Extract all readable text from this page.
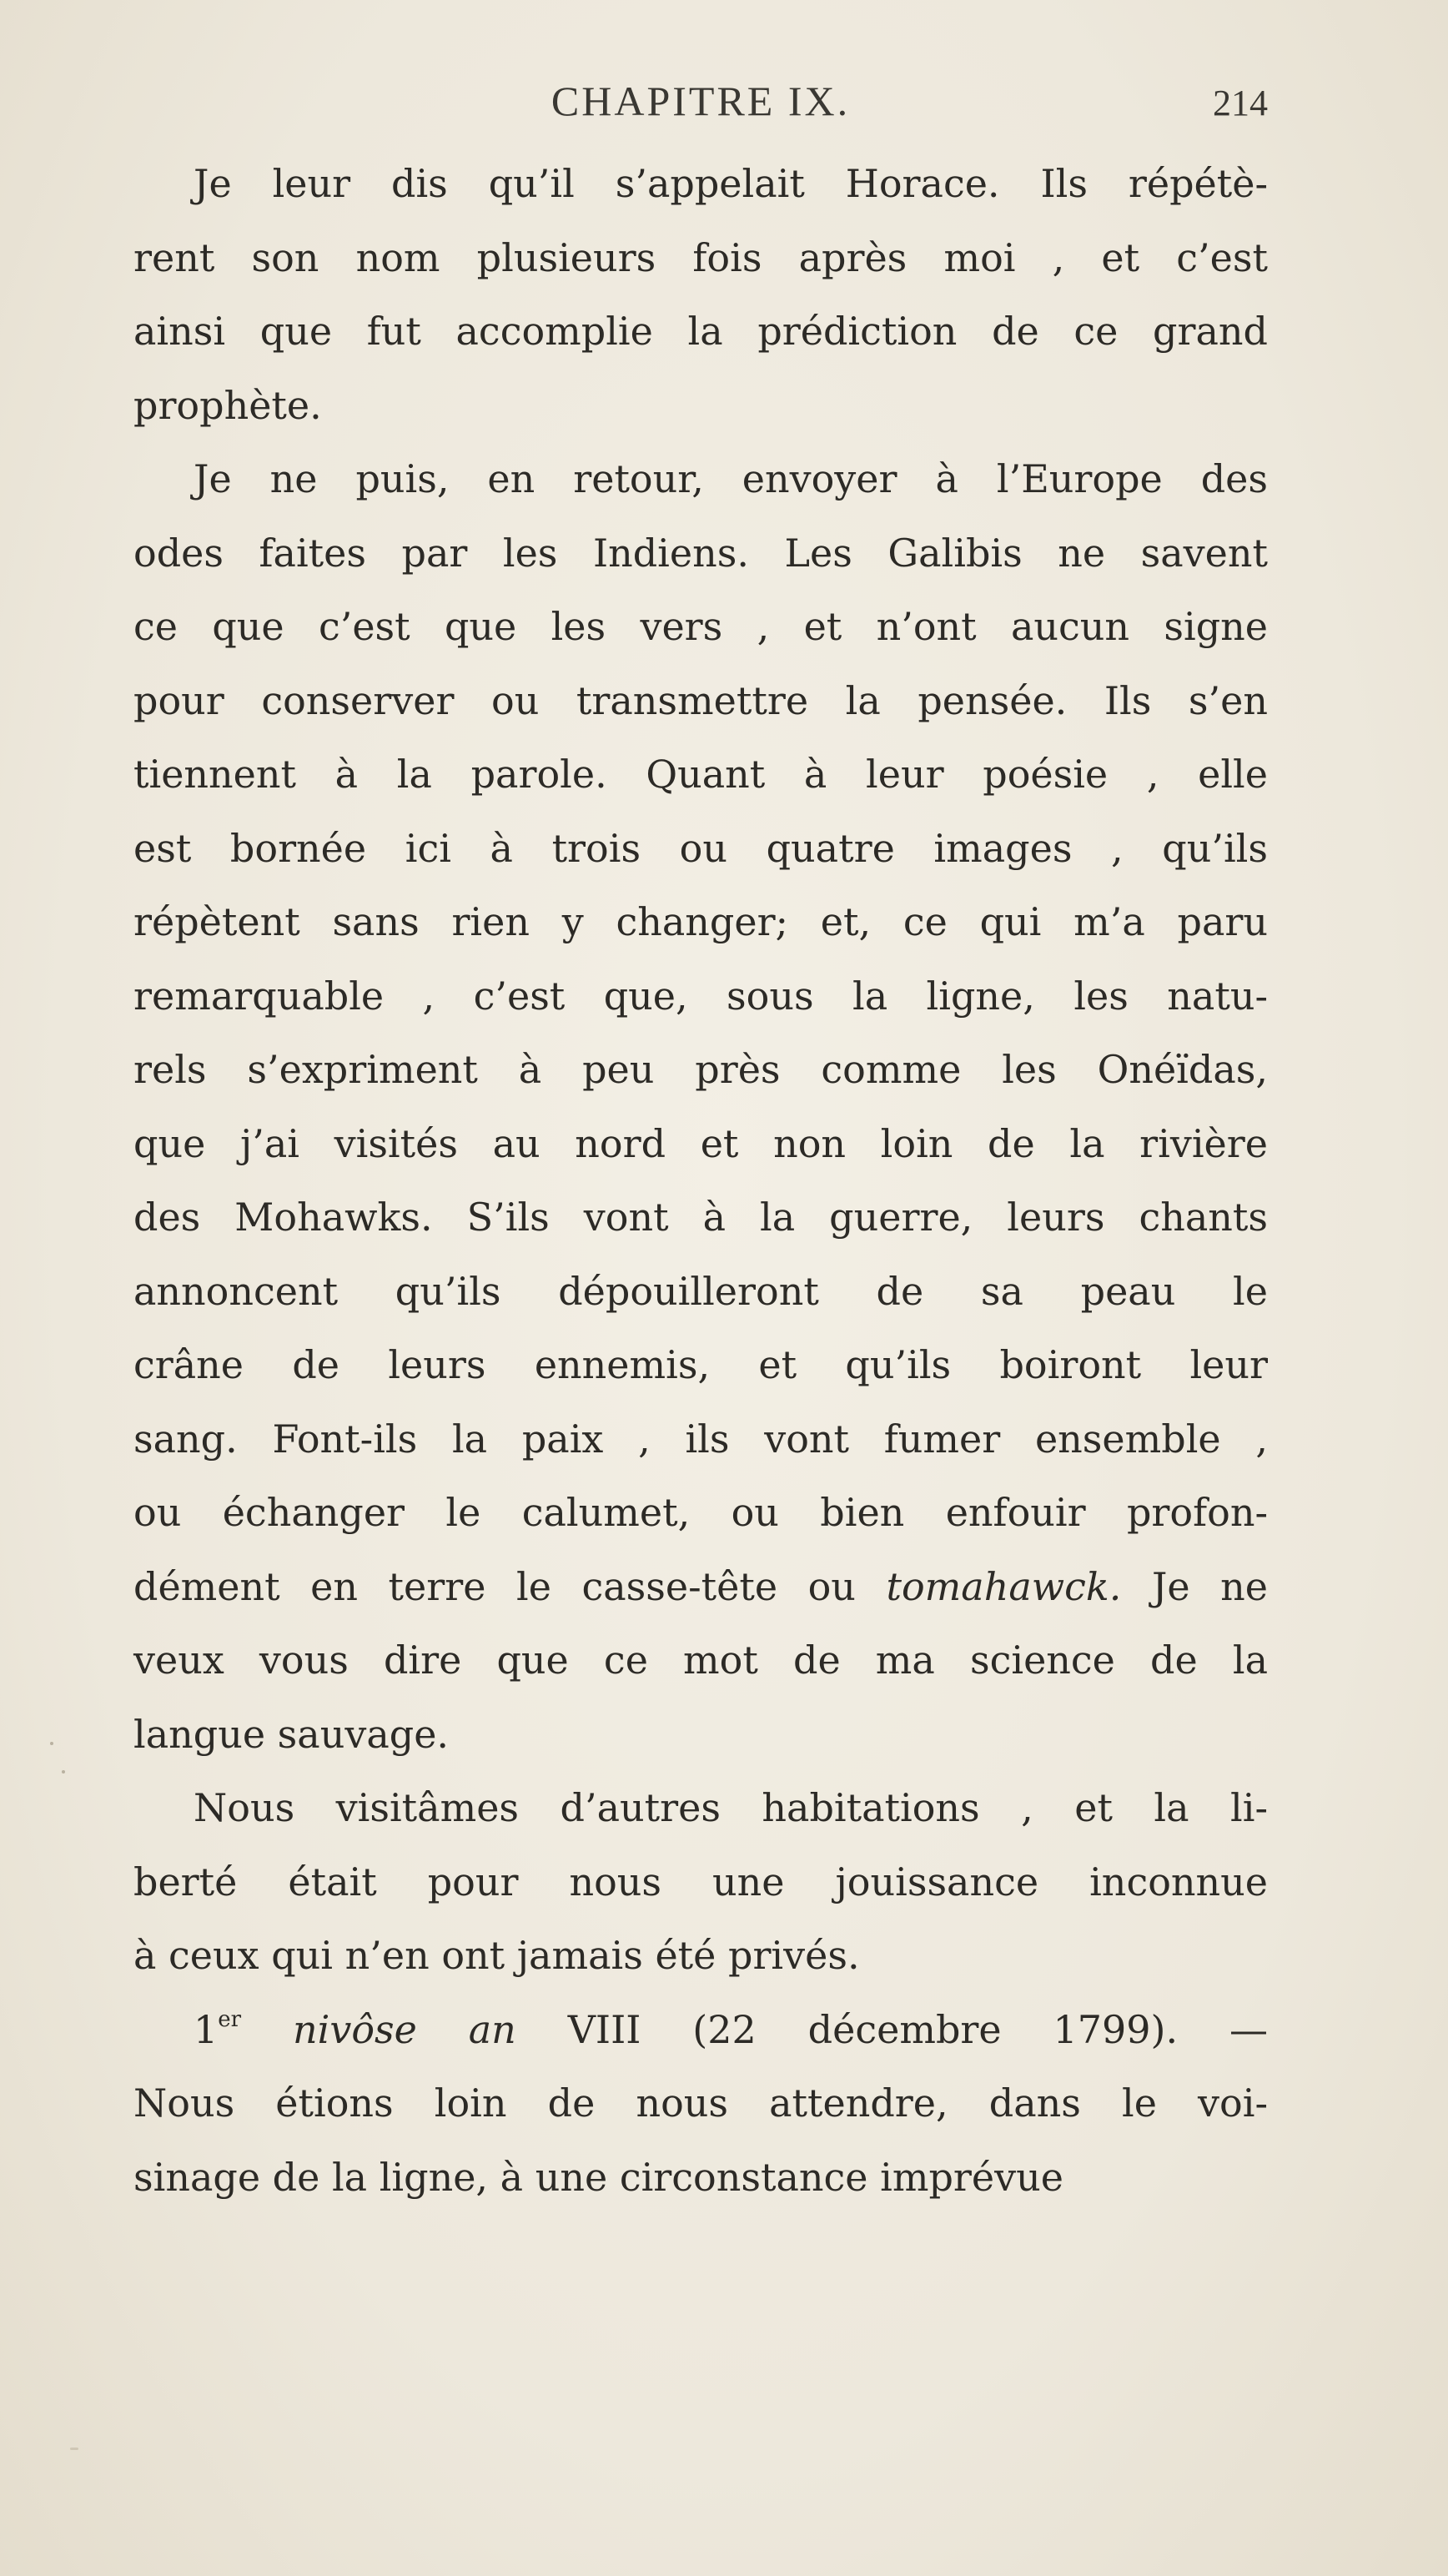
CHAPITRE IX.	214
Je leur dis qu’il s’appelait Horace. Ils répétè-
rent son nom plusieurs fois après moi , et c’est
ainsi que fut accomplie la prédiction de ce grand
prophète.
Je ne puis, en retour, envoyer à l’Europe des
odes faites par les Indiens. Les Galibis ne savent
ce que c’est que les vers , et n’ont aucun signe
pour conserver ou transmettre la pensée. Ils s’en
tiennent à la parole. Quant à leur poésie , elle
est bornée ici à trois ou quatre images , qu’ils
répètent sans rien y changer; et, ce qui m’a paru
remarquable , c’est que, sous la ligne, les natu-
rels s’expriment à peu près comme les Onéïdas,
que j’ai visités au nord et non loin de la rivière
des Mohawks. S’ils vont à la guerre, leurs chants
annoncent qu’ils dépouilleront de sa peau le
crâne de leurs ennemis, et qu’ils boiront leur
sang. Font-ils la paix , ils vont fumer ensemble ,
ou échanger le calumet, ou bien enfouir profon-
dément en terre le casse-tête ou tomahawck. Je ne
veux vous dire que ce mot de ma science de la
langue sauvage.
Nous visitâmes d’autres habitations , et la li-
berté était pour nous une jouissance inconnue
à ceux qui n’en ont jamais été privés.
1er nivôse an VIII (22 décembre 1799). —
Nous étions loin de nous attendre, dans le voi-
sinage de la ligne, à une circonstance imprévue
